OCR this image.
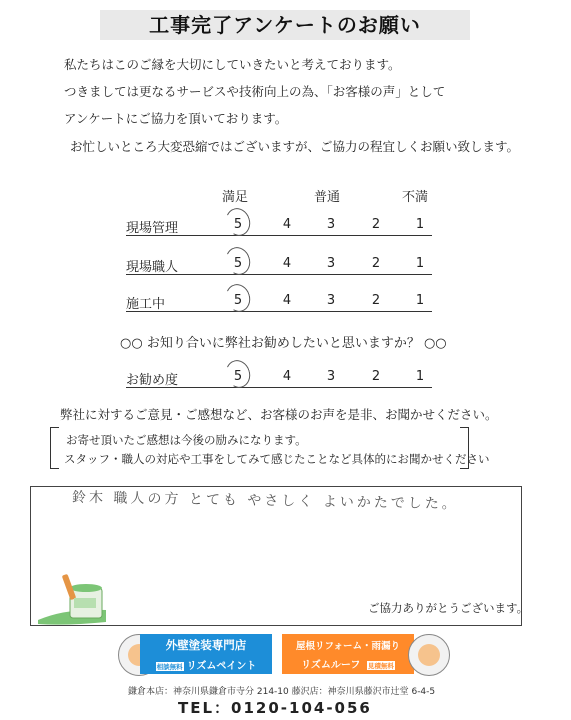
工事完了アンケートのお願い
私たちはこのご縁を大切にしていきたいと考えております。
つきましては更なるサービスや技術向上の為、「お客様の声」として
アンケートにご協力を頂いております。
お忙しいところ大変恐縮ではございますが、ご協力の程宜しくお願い致します。
満足	普通	不満
現場管理	5	4	3	2	1
現場職人	5	4	3	2	1
施工中	5	4	3	2	1
○○ お知り合いに弊社お勧めしたいと思いますか？ ○○
お勧め度	5	4	3	2	1
弊社に対するご意見・ご感想など、お客様のお声を是非、お聞かせください。
お寄せ頂いたご感想は今後の励みになります。
スタッフ・職人の対応や工事をしてみて感じたことなど具体的にお聞かせください
鈴木 職人の方 とても やさしく よいかたでした。
ご協力ありがとうございます。
外壁塗装専門店
相談無料 リズムペイント
屋根リフォーム・雨漏り
リズムルーフ 見積無料
鎌倉本店：神奈川県鎌倉市寺分 214-10 藤沢店：神奈川県藤沢市辻堂 6-4-5
TEL：0120-104-056
